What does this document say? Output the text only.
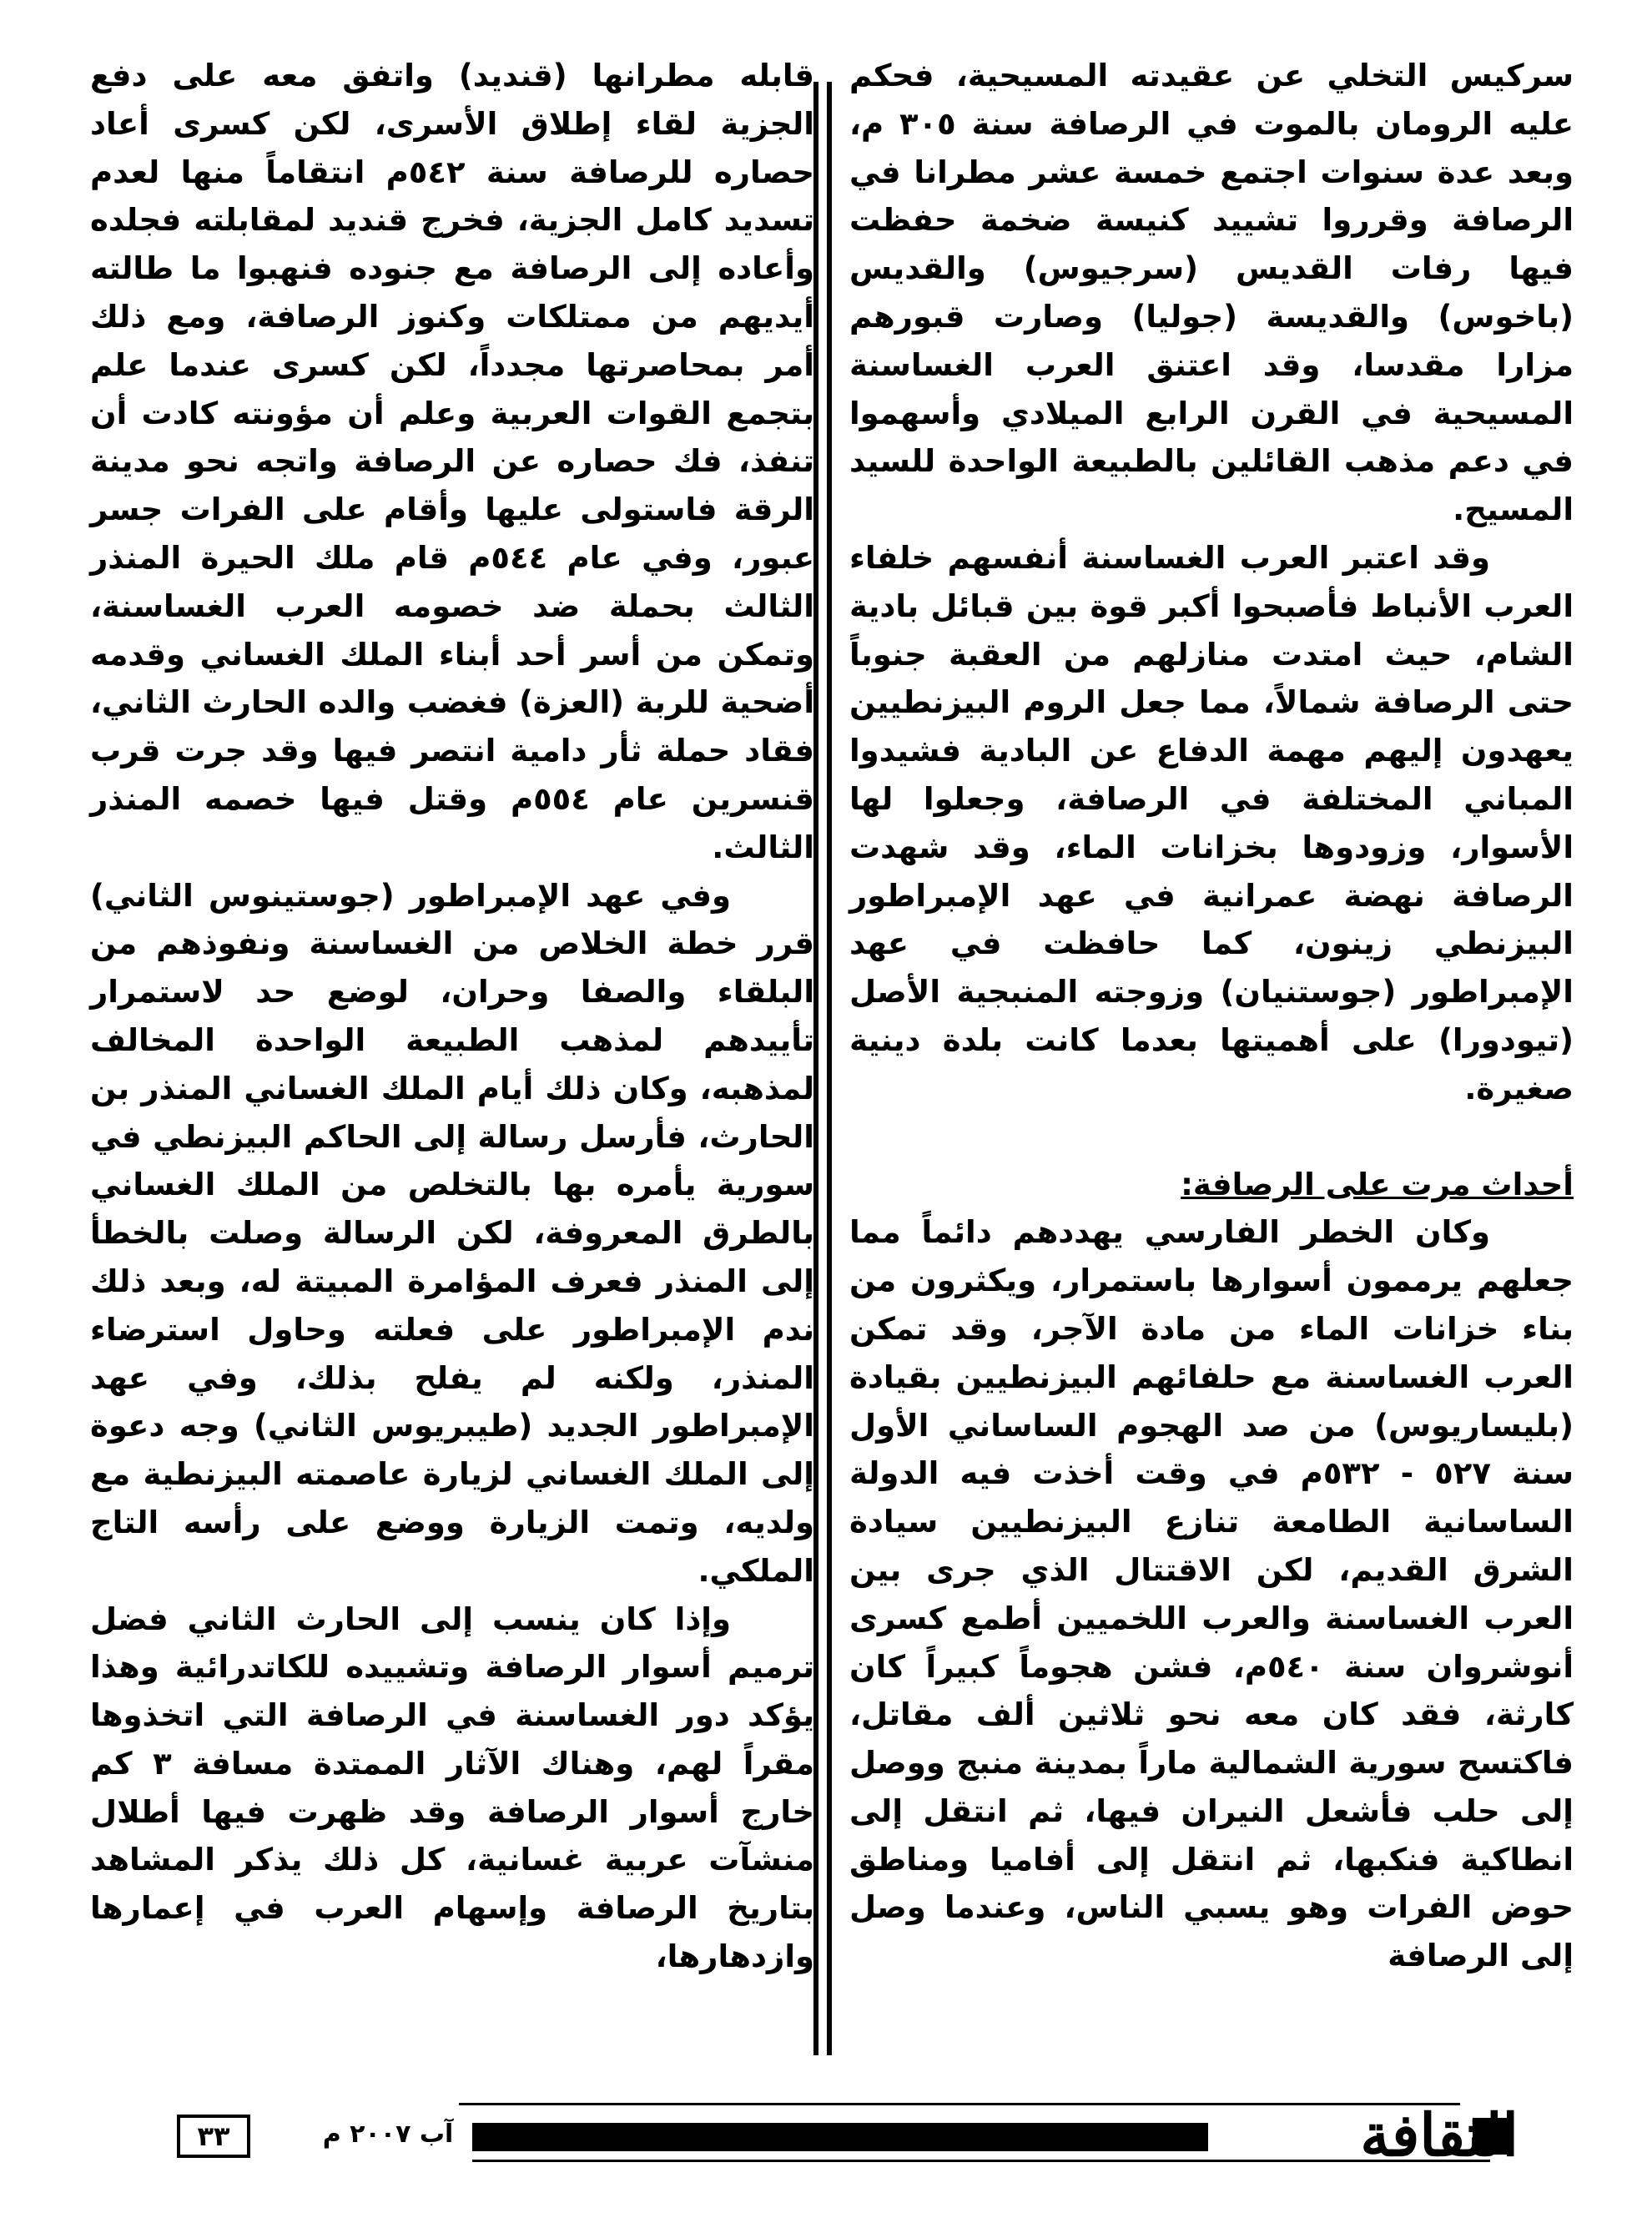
سركيس التخلي عن عقيدته المسيحية، فحكم عليه الرومان بالموت في الرصافة سنة ٣٠٥ م، وبعد عدة سنوات اجتمع خمسة عشر مطرانا في الرصافة وقرروا تشييد كنيسة ضخمة حفظت فيها رفات القديس (سرجيوس) والقديس (باخوس) والقديسة (جوليا) وصارت قبورهم مزارا مقدسا، وقد اعتنق العرب الغساسنة المسيحية في القرن الرابع الميلادي وأسهموا في دعم مذهب القائلين بالطبيعة الواحدة للسيد المسيح.

وقد اعتبر العرب الغساسنة أنفسهم خلفاء العرب الأنباط فأصبحوا أكبر قوة بين قبائل بادية الشام، حيث امتدت منازلهم من العقبة جنوباً حتى الرصافة شمالاً، مما جعل الروم البيزنطيين يعهدون إليهم مهمة الدفاع عن البادية فشيدوا المباني المختلفة في الرصافة، وجعلوا لها الأسوار، وزودوها بخزانات الماء، وقد شهدت الرصافة نهضة عمرانية في عهد الإمبراطور البيزنطي زينون، كما حافظت في عهد الإمبراطور (جوستنيان) وزوجته المنبجية الأصل (تيودورا) على أهميتها بعدما كانت بلدة دينية صغيرة.

أحداث مرت على الرصافة:

وكان الخطر الفارسي يهددهم دائماً مما جعلهم يرممون أسوارها باستمرار، ويكثرون من بناء خزانات الماء من مادة الآجر، وقد تمكن العرب الغساسنة مع حلفائهم البيزنطيين بقيادة (بليساريوس) من صد الهجوم الساساني الأول سنة ٥٢٧ - ٥٣٢م في وقت أخذت فيه الدولة الساسانية الطامعة تنازع البيزنطيين سيادة الشرق القديم، لكن الاقتتال الذي جرى بين العرب الغساسنة والعرب اللخميين أطمع كسرى أنوشروان سنة ٥٤٠م، فشن هجوماً كبيراً كان كارثة، فقد كان معه نحو ثلاثين ألف مقاتل، فاكتسح سورية الشمالية ماراً بمدينة منبج ووصل إلى حلب فأشعل النيران فيها، ثم انتقل إلى انطاكية فنكبها، ثم انتقل إلى أفاميا ومناطق حوض الفرات وهو يسبي الناس، وعندما وصل إلى الرصافة

قابله مطرانها (قنديد) واتفق معه على دفع الجزية لقاء إطلاق الأسرى، لكن كسرى أعاد حصاره للرصافة سنة ٥٤٢م انتقاماً منها لعدم تسديد كامل الجزية، فخرج قنديد لمقابلته فجلده وأعاده إلى الرصافة مع جنوده فنهبوا ما طالته أيديهم من ممتلكات وكنوز الرصافة، ومع ذلك أمر بمحاصرتها مجدداً، لكن كسرى عندما علم بتجمع القوات العربية وعلم أن مؤونته كادت أن تنفذ، فك حصاره عن الرصافة واتجه نحو مدينة الرقة فاستولى عليها وأقام على الفرات جسر عبور، وفي عام ٥٤٤م قام ملك الحيرة المنذر الثالث بحملة ضد خصومه العرب الغساسنة، وتمكن من أسر أحد أبناء الملك الغساني وقدمه أضحية للربة (العزة) فغضب والده الحارث الثاني، فقاد حملة ثأر دامية انتصر فيها وقد جرت قرب قنسرين عام ٥٥٤م وقتل فيها خصمه المنذر الثالث.

وفي عهد الإمبراطور (جوستينوس الثاني) قرر خطة الخلاص من الغساسنة ونفوذهم من البلقاء والصفا وحران، لوضع حد لاستمرار تأييدهم لمذهب الطبيعة الواحدة المخالف لمذهبه، وكان ذلك أيام الملك الغساني المنذر بن الحارث، فأرسل رسالة إلى الحاكم البيزنطي في سورية يأمره بها بالتخلص من الملك الغساني بالطرق المعروفة، لكن الرسالة وصلت بالخطأ إلى المنذر فعرف المؤامرة المبيتة له، وبعد ذلك ندم الإمبراطور على فعلته وحاول استرضاء المنذر، ولكنه لم يفلح بذلك، وفي عهد الإمبراطور الجديد (طيبريوس الثاني) وجه دعوة إلى الملك الغساني لزيارة عاصمته البيزنطية مع ولديه، وتمت الزيارة ووضع على رأسه التاج الملكي.

وإذا كان ينسب إلى الحارث الثاني فضل ترميم أسوار الرصافة وتشييده للكاتدرائية وهذا يؤكد دور الغساسنة في الرصافة التي اتخذوها مقراً لهم، وهناك الآثار الممتدة مسافة ٣ كم خارج أسوار الرصافة وقد ظهرت فيها أطلال منشآت عربية غسانية، كل ذلك يذكر المشاهد بتاريخ الرصافة وإسهام العرب في إعمارها وازدهارها،

الثقافة
آب ٢٠٠٧ م
٣٣
